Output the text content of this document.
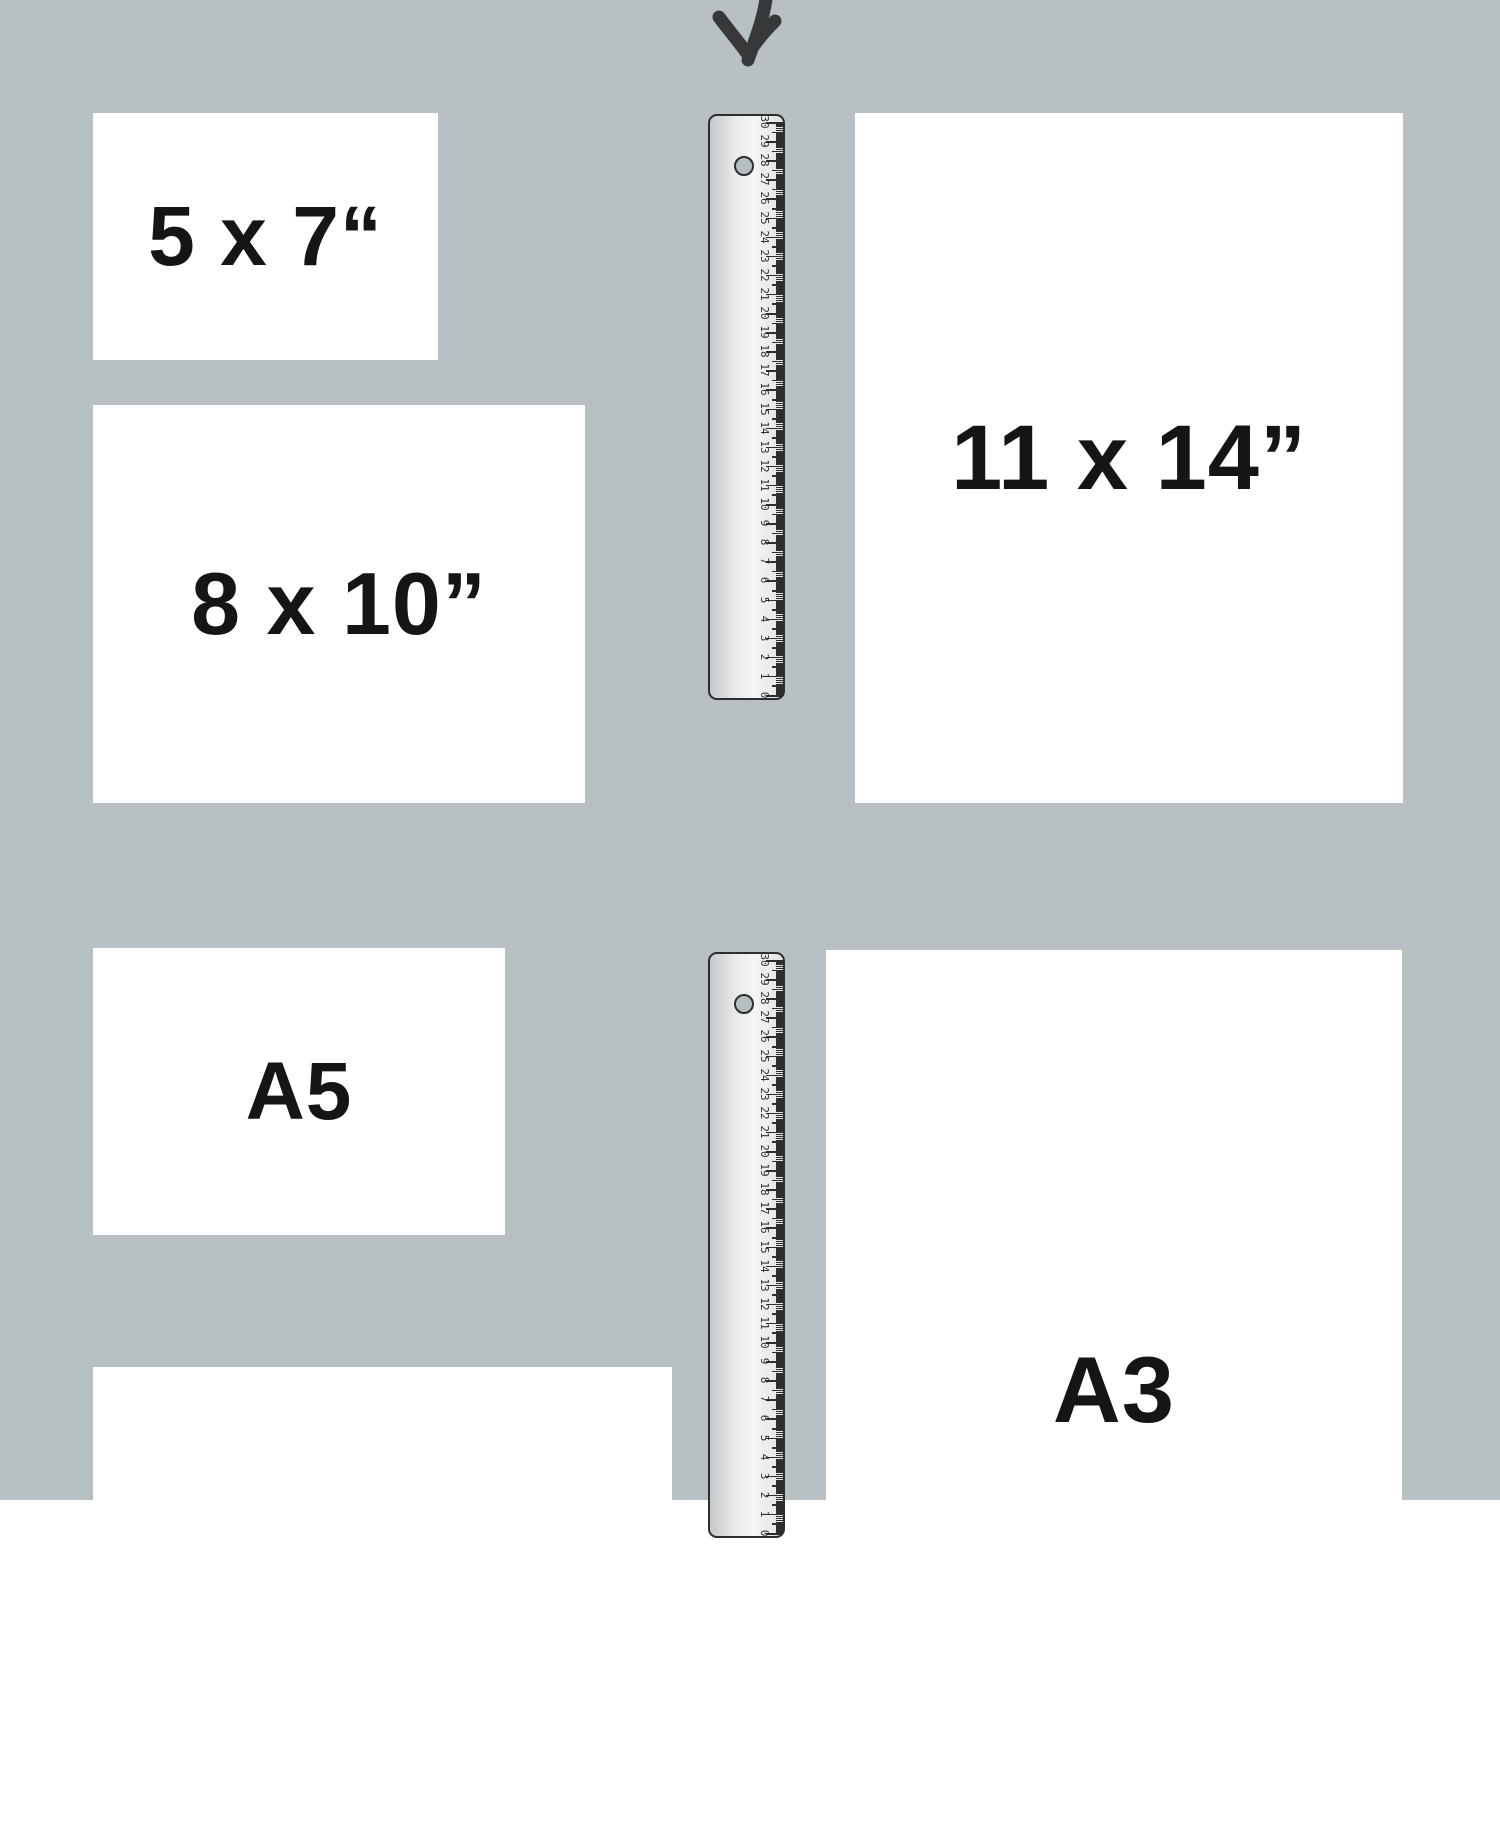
5 x 7“
8 x 10”
11 x 14”
A5
A3
0
1
2
3
4
5
6
7
8
9
10
11
12
13
14
15
16
17
18
19
20
21
22
23
24
25
26
27
28
29
30
0
1
2
3
4
5
6
7
8
9
10
11
12
13
14
15
16
17
18
19
20
21
22
23
24
25
26
27
28
29
30
